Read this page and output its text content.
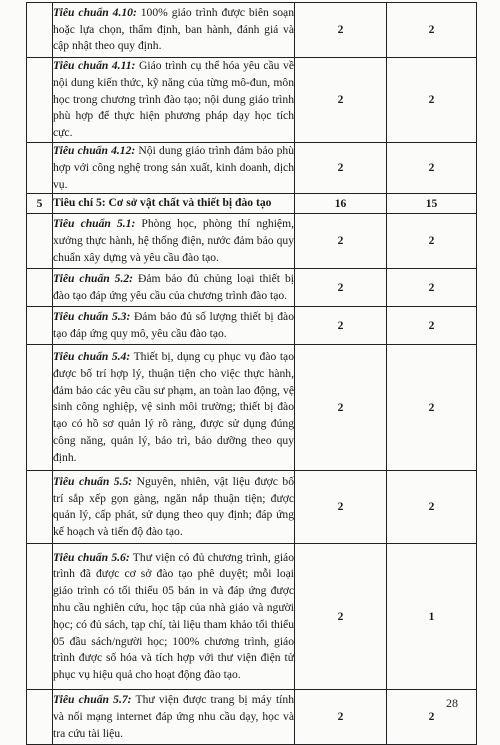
	Tiêu chuẩn 4.10: 100% giáo trình được biên soạn hoặc lựa chọn, thẩm định, ban hành, đánh giá và cập nhật theo quy định.	2	2
	Tiêu chuẩn 4.11: Giáo trình cụ thể hóa yêu cầu về nội dung kiến thức, kỹ năng của từng mô-đun, môn học trong chương trình đào tạo; nội dung giáo trình phù hợp để thực hiện phương pháp dạy học tích cực.	2	2
	Tiêu chuẩn 4.12: Nội dung giáo trình đảm bảo phù hợp với công nghệ trong sản xuất, kinh doanh, dịch vụ.	2	2
5	Tiêu chí 5: Cơ sở vật chất và thiết bị đào tạo	16	15
	Tiêu chuẩn 5.1: Phòng học, phòng thí nghiệm, xưởng thực hành, hệ thống điện, nước đảm bảo quy chuẩn xây dựng và yêu cầu đào tạo.	2	2
	Tiêu chuẩn 5.2: Đảm bảo đủ chủng loại thiết bị đào tạo đáp ứng yêu cầu của chương trình đào tạo.	2	2
	Tiêu chuẩn 5.3: Đảm bảo đủ số lượng thiết bị đào tạo đáp ứng quy mô, yêu cầu đào tạo.	2	2
	Tiêu chuẩn 5.4: Thiết bị, dụng cụ phục vụ đào tạo được bố trí hợp lý, thuận tiện cho việc thực hành, đảm bảo các yêu cầu sư phạm, an toàn lao động, vệ sinh công nghiệp, vệ sinh môi trường; thiết bị đào tạo có hồ sơ quản lý rõ ràng, được sử dụng đúng công năng, quản lý, bảo trì, bảo dưỡng theo quy định.	2	2
	Tiêu chuẩn 5.5: Nguyên, nhiên, vật liệu được bố trí sắp xếp gọn gàng, ngăn nắp thuận tiện; được quản lý, cấp phát, sử dụng theo quy định; đáp ứng kế hoạch và tiến độ đào tạo.	2	2
	Tiêu chuẩn 5.6: Thư viện có đủ chương trình, giáo trình đã được cơ sở đào tạo phê duyệt; mỗi loại giáo trình có tối thiểu 05 bản in và đáp ứng được nhu cầu nghiên cứu, học tập của nhà giáo và người học; có đủ sách, tạp chí, tài liệu tham khảo tối thiểu 05 đầu sách/người học; 100% chương trình, giáo trình được số hóa và tích hợp với thư viện điện tử phục vụ hiệu quả cho hoạt động đào tạo.	2	1
	Tiêu chuẩn 5.7: Thư viện được trang bị máy tính và nối mạng internet đáp ứng nhu cầu dạy, học và tra cứu tài liệu.	2	2
28
